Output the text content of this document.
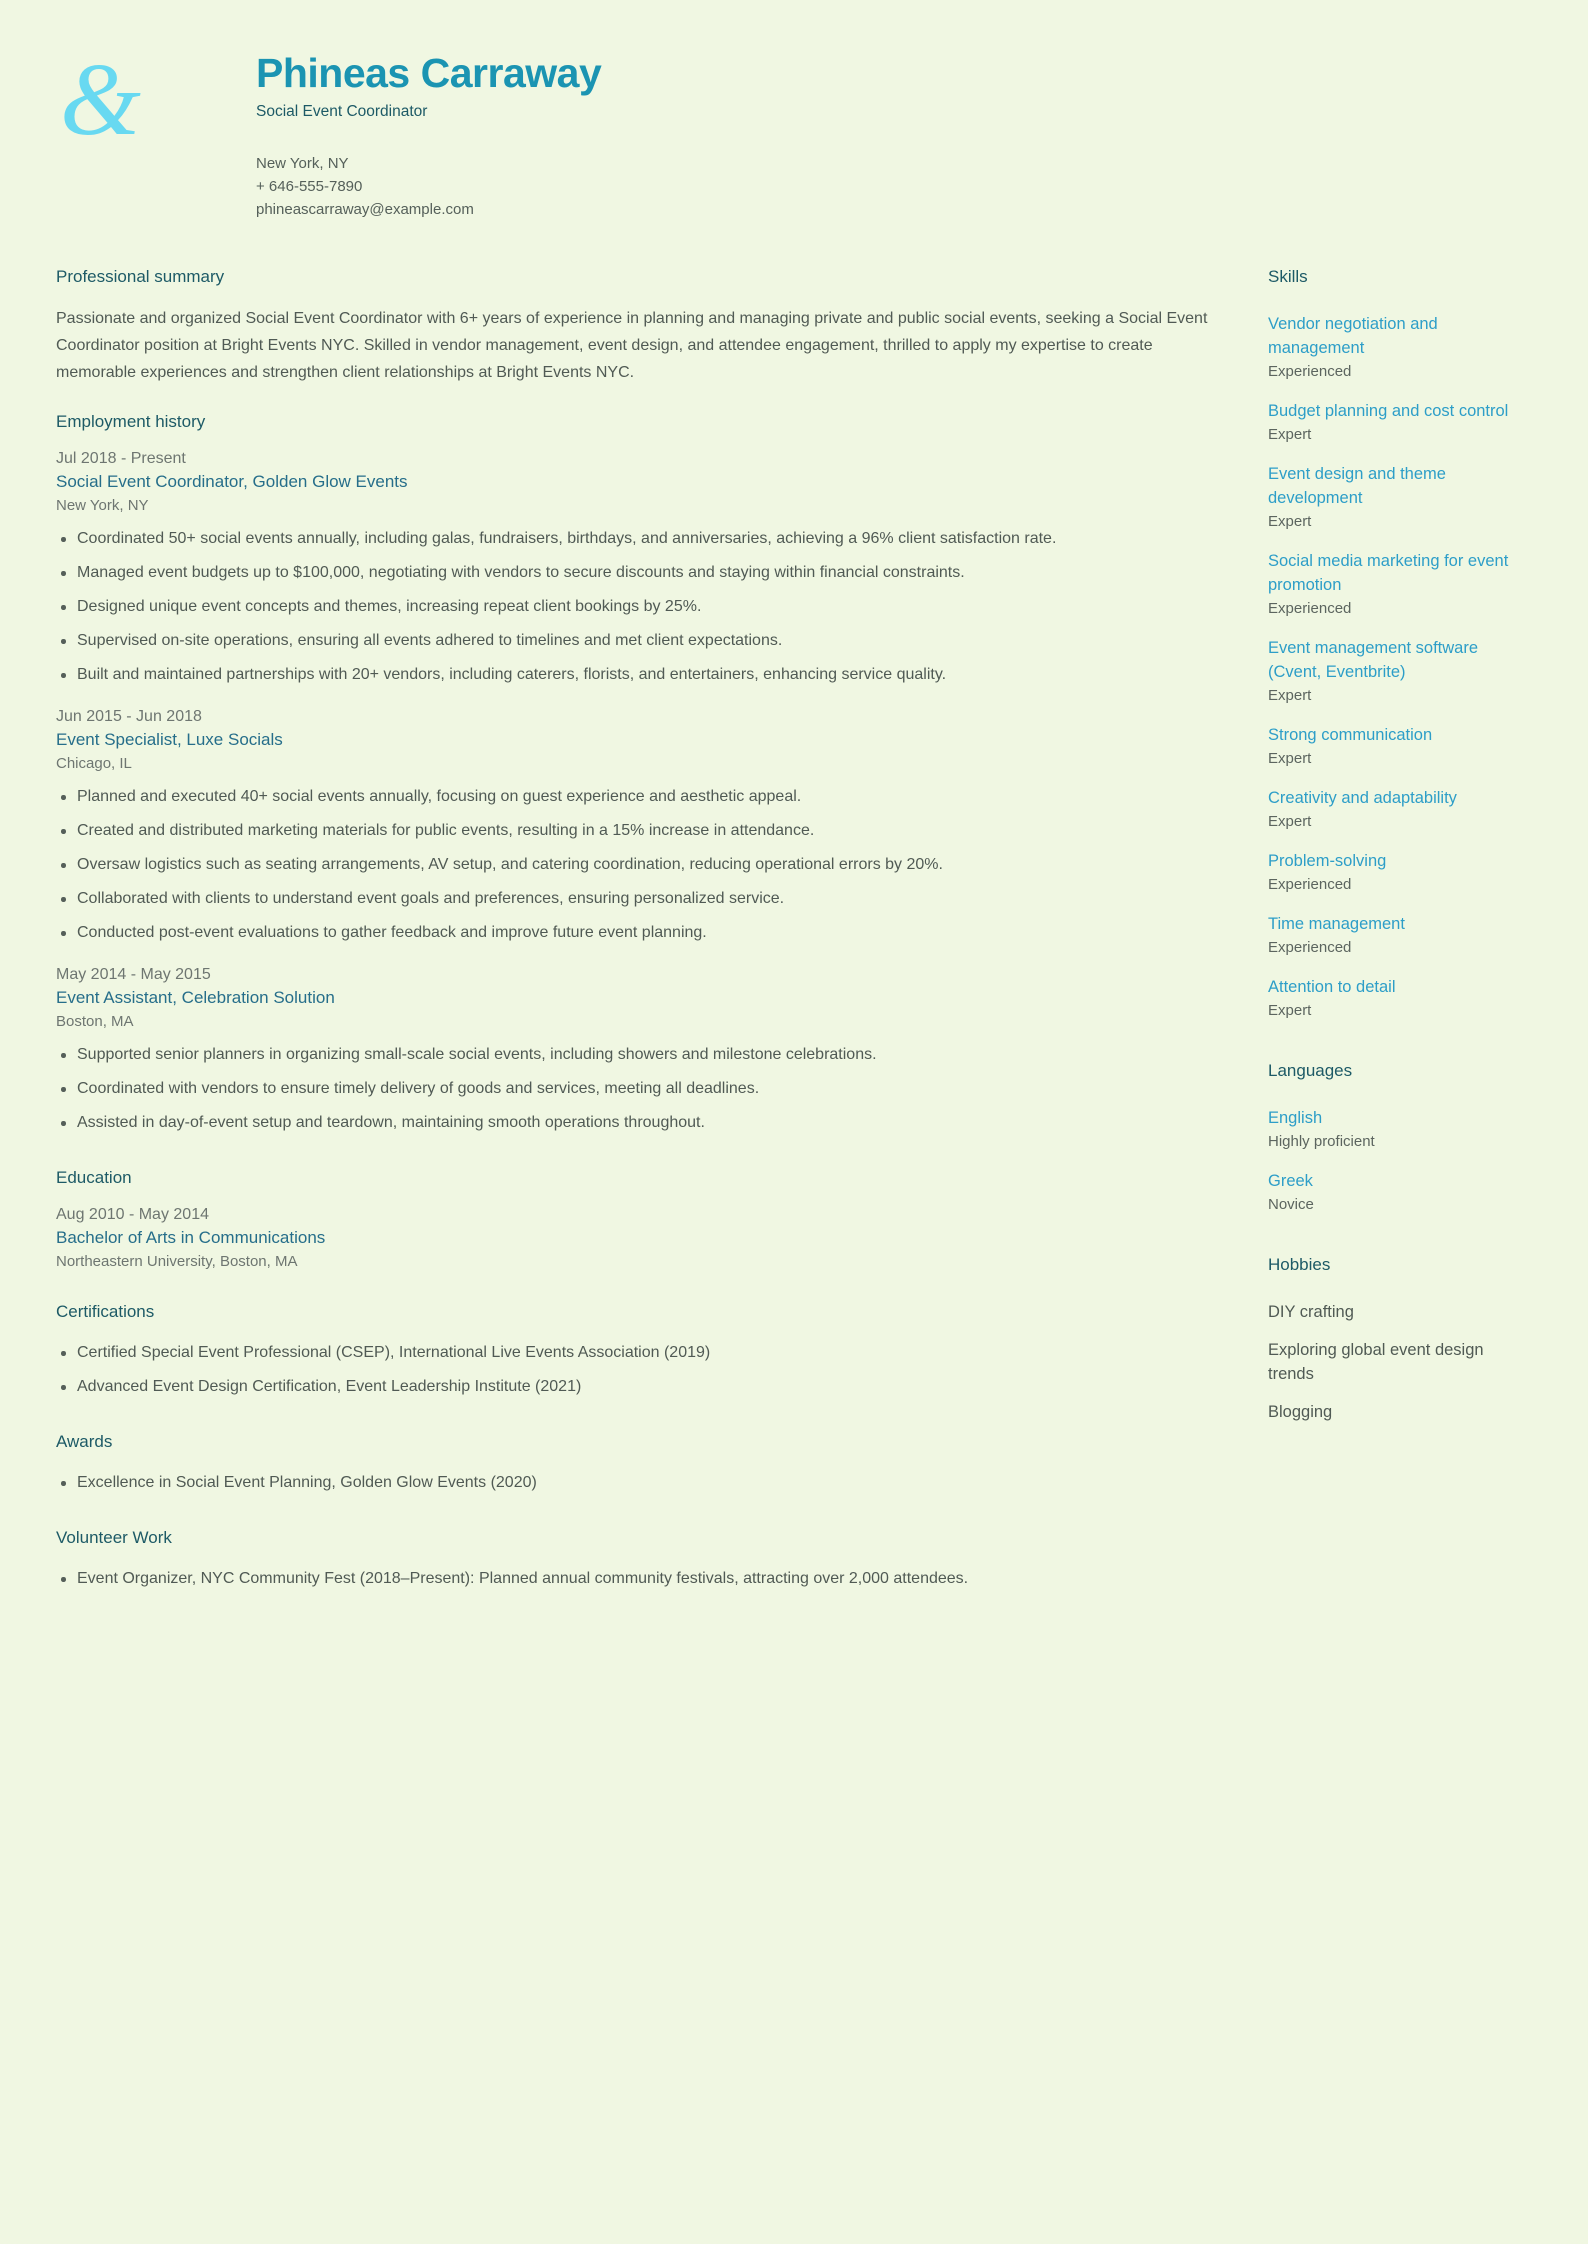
&	Phineas Carraway
Social Event Coordinator
New York, NY
+ 646-555-7890
phineascarraway@example.com
Professional summary

Passionate and organized Social Event Coordinator with 6+ years of experience in planning and managing private and public social events, seeking a Social Event Coordinator position at Bright Events NYC. Skilled in vendor management, event design, and attendee engagement, thrilled to apply my expertise to create memorable experiences and strengthen client relationships at Bright Events NYC.

Employment history
Jul 2018 - Present
Social Event Coordinator, Golden Glow Events
New York, NY
Coordinated 50+ social events annually, including galas, fundraisers, birthdays, and anniversaries, achieving a 96% client satisfaction rate.
Managed event budgets up to $100,000, negotiating with vendors to secure discounts and staying within financial constraints.
Designed unique event concepts and themes, increasing repeat client bookings by 25%.
Supervised on-site operations, ensuring all events adhered to timelines and met client expectations.
Built and maintained partnerships with 20+ vendors, including caterers, florists, and entertainers, enhancing service quality.
Jun 2015 - Jun 2018
Event Specialist, Luxe Socials
Chicago, IL
Planned and executed 40+ social events annually, focusing on guest experience and aesthetic appeal.
Created and distributed marketing materials for public events, resulting in a 15% increase in attendance.
Oversaw logistics such as seating arrangements, AV setup, and catering coordination, reducing operational errors by 20%.
Collaborated with clients to understand event goals and preferences, ensuring personalized service.
Conducted post-event evaluations to gather feedback and improve future event planning.
May 2014 - May 2015
Event Assistant, Celebration Solution
Boston, MA
Supported senior planners in organizing small-scale social events, including showers and milestone celebrations.
Coordinated with vendors to ensure timely delivery of goods and services, meeting all deadlines.
Assisted in day-of-event setup and teardown, maintaining smooth operations throughout.
Education
Aug 2010 - May 2014
Bachelor of Arts in Communications
Northeastern University, Boston, MA
Certifications
Certified Special Event Professional (CSEP), International Live Events Association (2019)
Advanced Event Design Certification, Event Leadership Institute (2021)
Awards
Excellence in Social Event Planning, Golden Glow Events (2020)
Volunteer Work
Event Organizer, NYC Community Fest (2018–Present): Planned annual community festivals, attracting over 2,000 attendees.
Skills
Vendor negotiation and management
Experienced
Budget planning and cost control
Expert
Event design and theme development
Expert
Social media marketing for event promotion
Experienced
Event management software (Cvent, Eventbrite)
Expert
Strong communication
Expert
Creativity and adaptability
Expert
Problem-solving
Experienced
Time management
Experienced
Attention to detail
Expert
Languages
English
Highly proficient
Greek
Novice
Hobbies
DIY crafting
Exploring global event design trends
Blogging
